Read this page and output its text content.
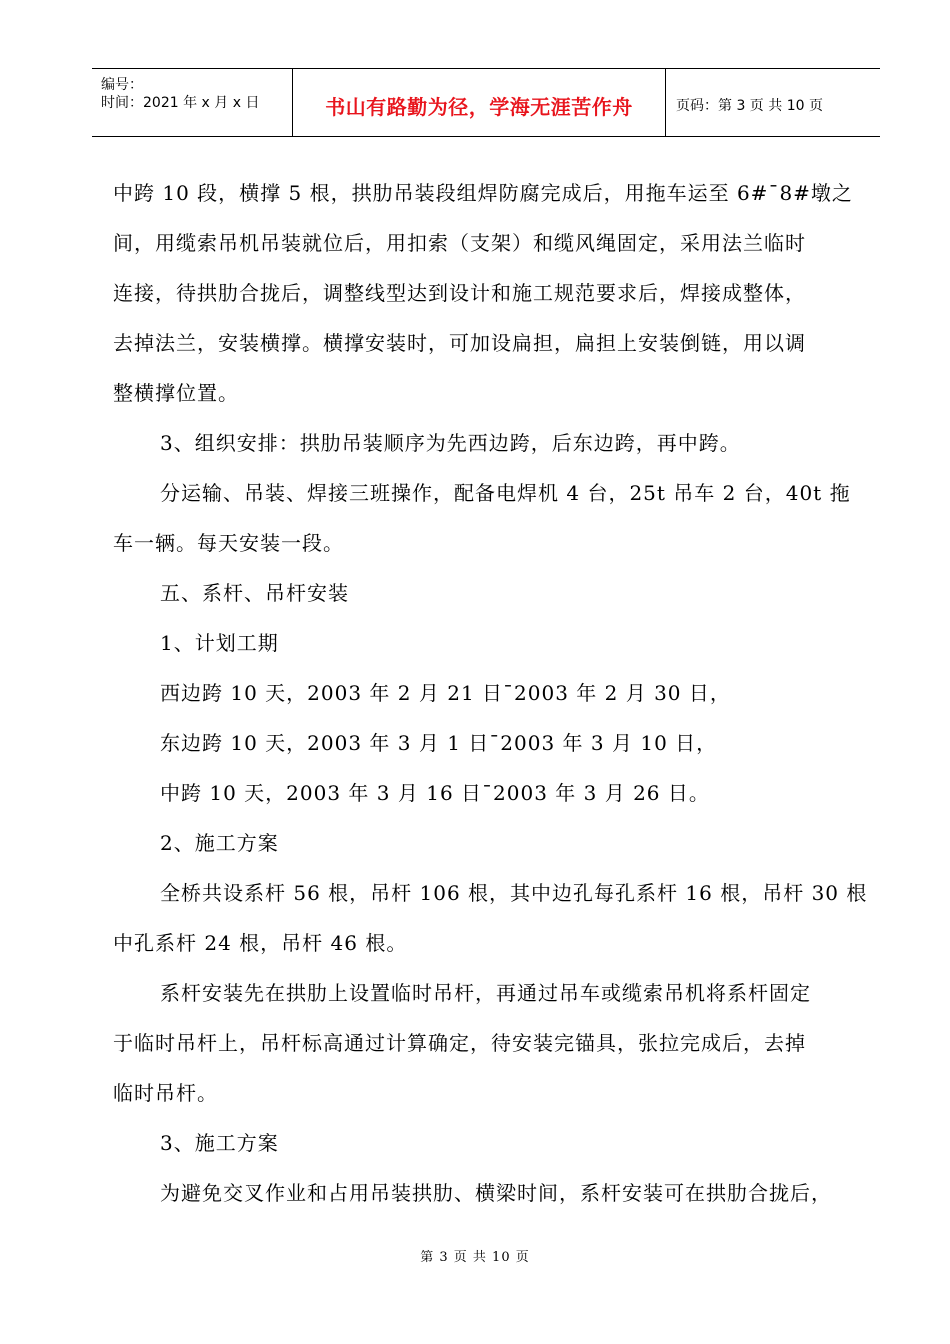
编号：
时间：2021 年 x 月 x 日	书山有路勤为径，学海无涯苦作舟	页码：第 3 页 共 10 页

中跨 10 段，横撑 5 根，拱肋吊装段组焊防腐完成后，用拖车运至 6#¯8#墩之

间，用缆索吊机吊装就位后，用扣索（支架）和缆风绳固定，采用法兰临时

连接，待拱肋合拢后，调整线型达到设计和施工规范要求后，焊接成整体，

去掉法兰，安装横撑。横撑安装时，可加设扁担，扁担上安装倒链，用以调

整横撑位置。

3、组织安排：拱肋吊装顺序为先西边跨，后东边跨，再中跨。

分运输、吊装、焊接三班操作，配备电焊机 4 台，25t 吊车 2 台，40t 拖

车一辆。每天安装一段。

五、系杆、吊杆安装

1、计划工期

西边跨 10 天，2003 年 2 月 21 日¯2003 年 2 月 30 日，

东边跨 10 天，2003 年 3 月 1 日¯2003 年 3 月 10 日，

中跨 10 天，2003 年 3 月 16 日¯2003 年 3 月 26 日。

2、施工方案

全桥共设系杆 56 根，吊杆 106 根，其中边孔每孔系杆 16 根，吊杆 30 根

中孔系杆 24 根，吊杆 46 根。

系杆安装先在拱肋上设置临时吊杆，再通过吊车或缆索吊机将系杆固定

于临时吊杆上，吊杆标高通过计算确定，待安装完锚具，张拉完成后，去掉

临时吊杆。

3、施工方案

为避免交叉作业和占用吊装拱肋、横梁时间，系杆安装可在拱肋合拢后，

第 3 页 共 10 页
